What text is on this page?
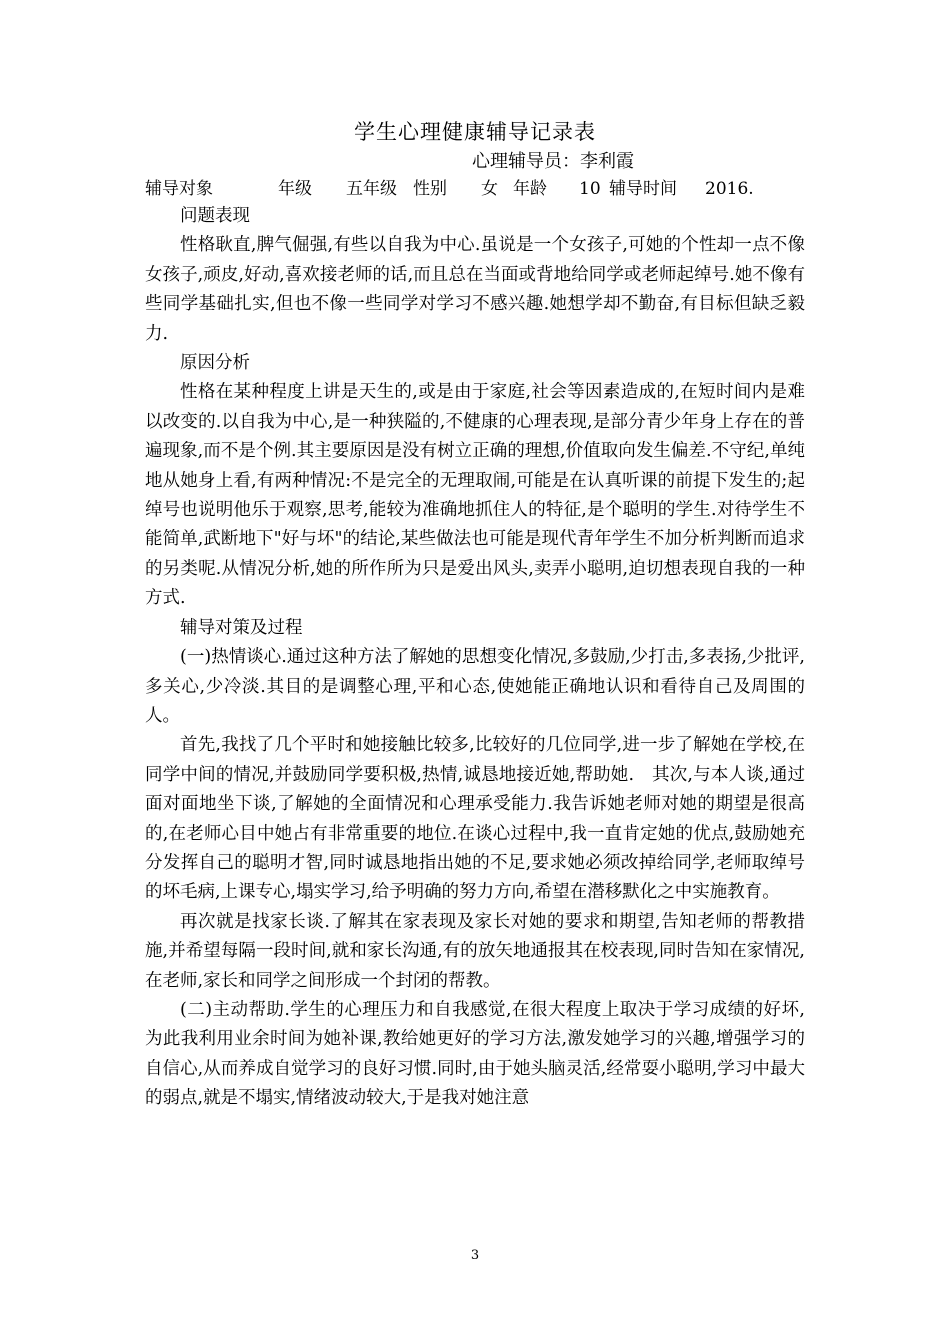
学生心理健康辅导记录表
心理辅导员：李利霞
辅导对象	年级 五年级 性别 女 年龄 10 辅导时间 2016.

问题表现

性格耿直,脾气倔强,有些以自我为中心.虽说是一个女孩子,可她的个性却一点不像女孩子,顽皮,好动,喜欢接老师的话,而且总在当面或背地给同学或老师起绰号.她不像有些同学基础扎实,但也不像一些同学对学习不感兴趣.她想学却不勤奋,有目标但缺乏毅力.

原因分析

性格在某种程度上讲是天生的,或是由于家庭,社会等因素造成的,在短时间内是难以改变的.以自我为中心,是一种狭隘的,不健康的心理表现,是部分青少年身上存在的普遍现象,而不是个例.其主要原因是没有树立正确的理想,价值取向发生偏差.不守纪,单纯地从她身上看,有两种情况:不是完全的无理取闹,可能是在认真听课的前提下发生的;起绰号也说明他乐于观察,思考,能较为准确地抓住人的特征,是个聪明的学生.对待学生不能简单,武断地下"好与坏"的结论,某些做法也可能是现代青年学生不加分析判断而追求的另类呢.从情况分析,她的所作所为只是爱出风头,卖弄小聪明,迫切想表现自我的一种方式.

辅导对策及过程

(一)热情谈心.通过这种方法了解她的思想变化情况,多鼓励,少打击,多表扬,少批评,多关心,少冷淡.其目的是调整心理,平和心态,使她能正确地认识和看待自己及周围的人。

首先,我找了几个平时和她接触比较多,比较好的几位同学,进一步了解她在学校,在同学中间的情况,并鼓励同学要积极,热情,诚恳地接近她,帮助她.　其次,与本人谈,通过面对面地坐下谈,了解她的全面情况和心理承受能力.我告诉她老师对她的期望是很高的,在老师心目中她占有非常重要的地位.在谈心过程中,我一直肯定她的优点,鼓励她充分发挥自己的聪明才智,同时诚恳地指出她的不足,要求她必须改掉给同学,老师取绰号的坏毛病,上课专心,塌实学习,给予明确的努力方向,希望在潜移默化之中实施教育。

再次就是找家长谈.了解其在家表现及家长对她的要求和期望,告知老师的帮教措施,并希望每隔一段时间,就和家长沟通,有的放矢地通报其在校表现,同时告知在家情况,在老师,家长和同学之间形成一个封闭的帮教。

(二)主动帮助.学生的心理压力和自我感觉,在很大程度上取决于学习成绩的好坏,为此我利用业余时间为她补课,教给她更好的学习方法,激发她学习的兴趣,增强学习的自信心,从而养成自觉学习的良好习惯.同时,由于她头脑灵活,经常耍小聪明,学习中最大的弱点,就是不塌实,情绪波动较大,于是我对她注意

3
